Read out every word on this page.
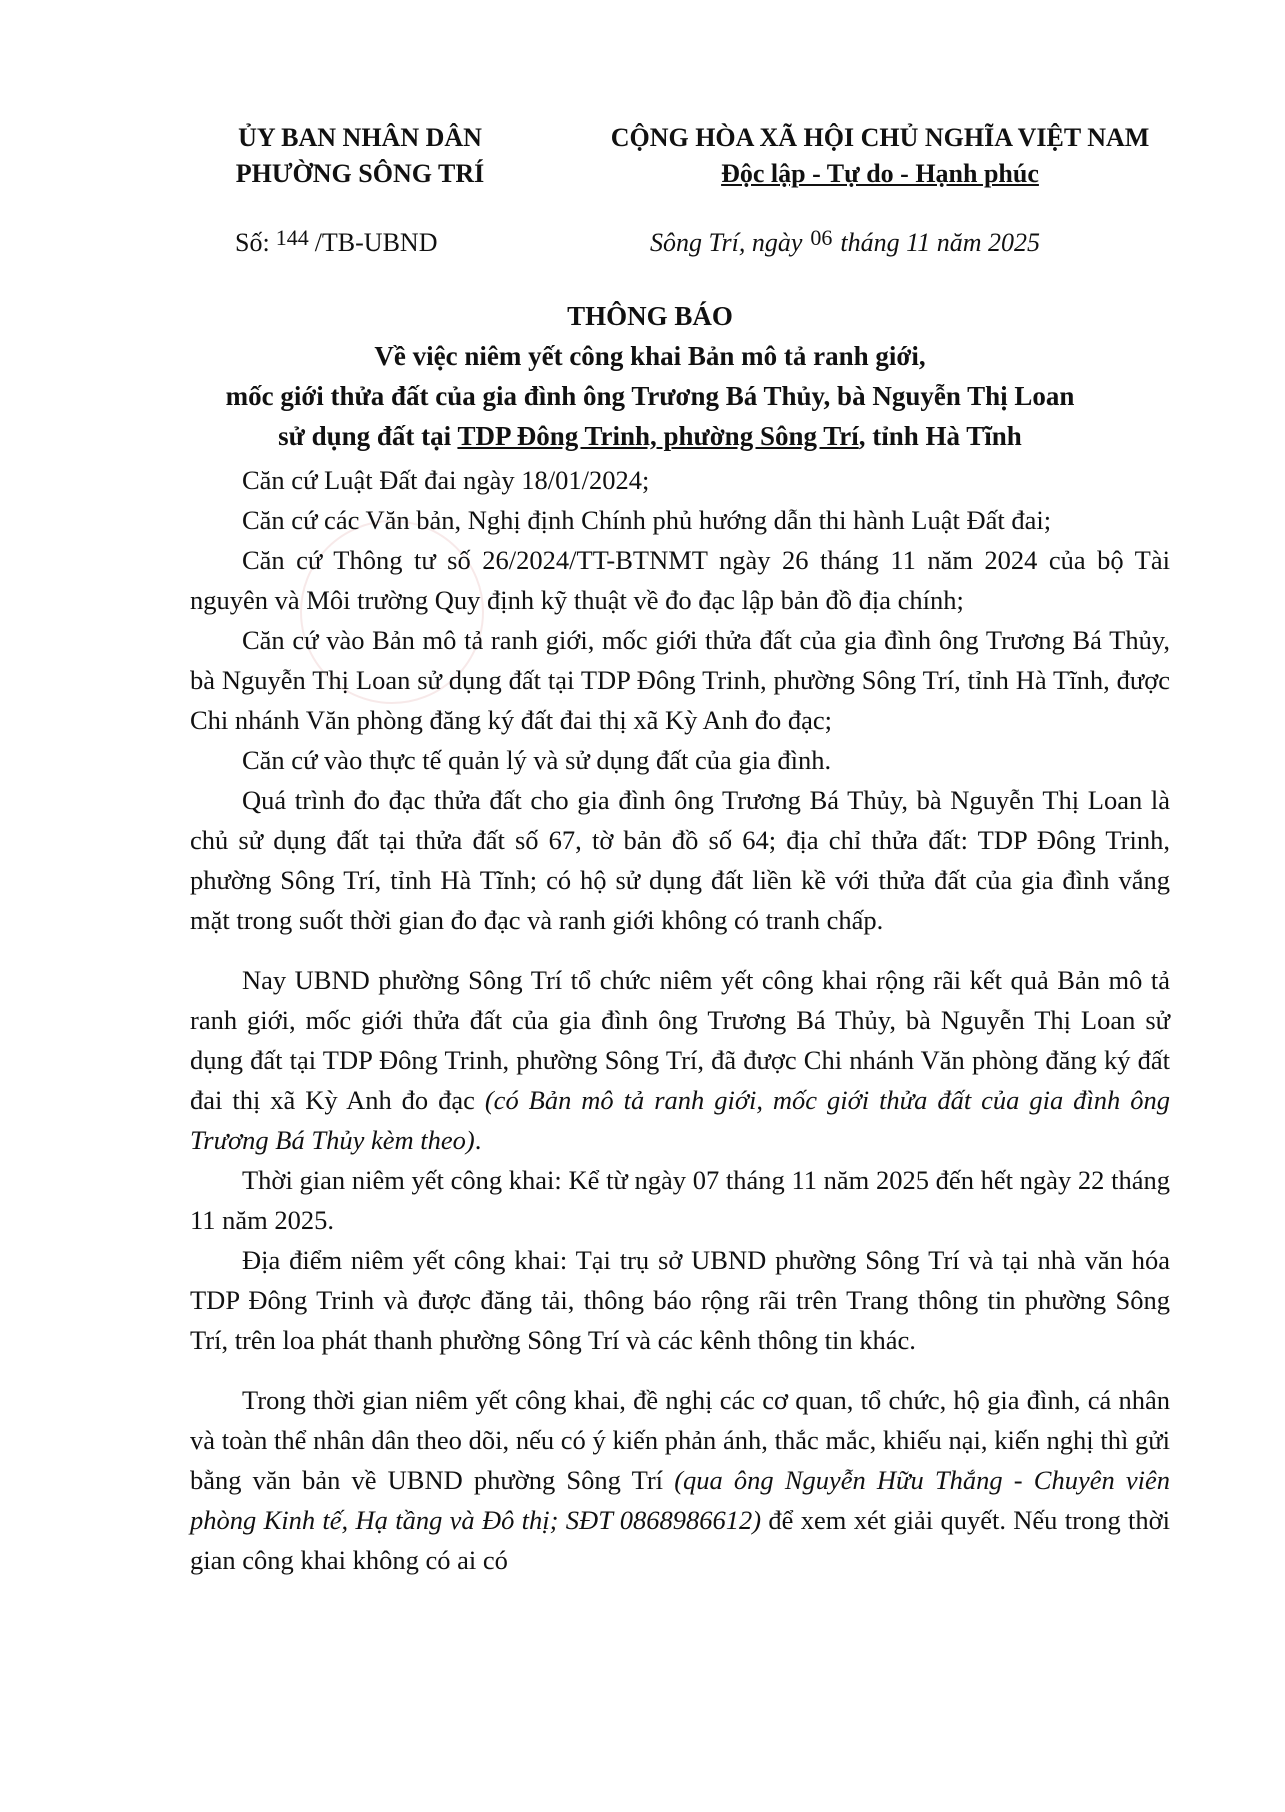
ỦY BAN NHÂN DÂN
PHƯỜNG SÔNG TRÍ
CỘNG HÒA XÃ HỘI CHỦ NGHĨA VIỆT NAM
Độc lập - Tự do - Hạnh phúc
Số: $^{144}$ /TB-UBND	Sông Trí, ngày $^{06}$ tháng 11 năm 2025
THÔNG BÁO
Về việc niêm yết công khai Bản mô tả ranh giới,
mốc giới thửa đất của gia đình ông Trương Bá Thủy, bà Nguyễn Thị Loan
sử dụng đất tại TDP Đông Trinh, phường Sông Trí, tỉnh Hà Tĩnh

Căn cứ Luật Đất đai ngày 18/01/2024;

Căn cứ các Văn bản, Nghị định Chính phủ hướng dẫn thi hành Luật Đất đai;

Căn cứ Thông tư số 26/2024/TT-BTNMT ngày 26 tháng 11 năm 2024 của bộ Tài nguyên và Môi trường Quy định kỹ thuật về đo đạc lập bản đồ địa chính;

Căn cứ vào Bản mô tả ranh giới, mốc giới thửa đất của gia đình ông Trương Bá Thủy, bà Nguyễn Thị Loan sử dụng đất tại TDP Đông Trinh, phường Sông Trí, tỉnh Hà Tĩnh, được Chi nhánh Văn phòng đăng ký đất đai thị xã Kỳ Anh đo đạc;

Căn cứ vào thực tế quản lý và sử dụng đất của gia đình.

Quá trình đo đạc thửa đất cho gia đình ông Trương Bá Thủy, bà Nguyễn Thị Loan là chủ sử dụng đất tại thửa đất số 67, tờ bản đồ số 64; địa chỉ thửa đất: TDP Đông Trinh, phường Sông Trí, tỉnh Hà Tĩnh; có hộ sử dụng đất liền kề với thửa đất của gia đình vắng mặt trong suốt thời gian đo đạc và ranh giới không có tranh chấp.

Nay UBND phường Sông Trí tổ chức niêm yết công khai rộng rãi kết quả Bản mô tả ranh giới, mốc giới thửa đất của gia đình ông Trương Bá Thủy, bà Nguyễn Thị Loan sử dụng đất tại TDP Đông Trinh, phường Sông Trí, đã được Chi nhánh Văn phòng đăng ký đất đai thị xã Kỳ Anh đo đạc (có Bản mô tả ranh giới, mốc giới thửa đất của gia đình ông Trương Bá Thủy kèm theo).

Thời gian niêm yết công khai: Kể từ ngày 07 tháng 11 năm 2025 đến hết ngày 22 tháng 11 năm 2025.

Địa điểm niêm yết công khai: Tại trụ sở UBND phường Sông Trí và tại nhà văn hóa TDP Đông Trinh và được đăng tải, thông báo rộng rãi trên Trang thông tin phường Sông Trí, trên loa phát thanh phường Sông Trí và các kênh thông tin khác.

Trong thời gian niêm yết công khai, đề nghị các cơ quan, tổ chức, hộ gia đình, cá nhân và toàn thể nhân dân theo dõi, nếu có ý kiến phản ánh, thắc mắc, khiếu nại, kiến nghị thì gửi bằng văn bản về UBND phường Sông Trí (qua ông Nguyễn Hữu Thắng - Chuyên viên phòng Kinh tế, Hạ tầng và Đô thị; SĐT 0868986612) để xem xét giải quyết. Nếu trong thời gian công khai không có ai có
